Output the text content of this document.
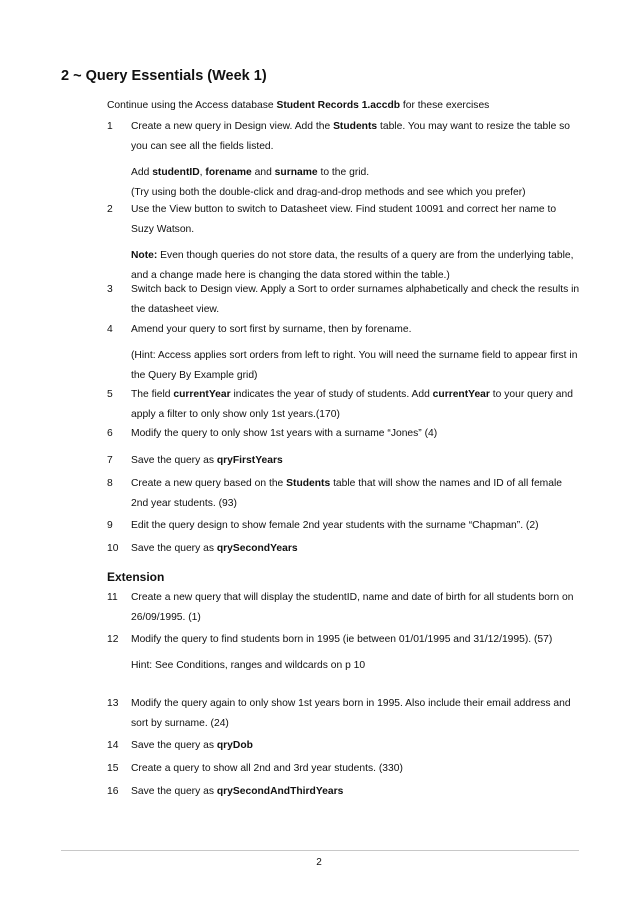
2 ~ Query Essentials (Week 1)
Continue using the Access database Student Records 1.accdb for these exercises
1	Create a new query in Design view. Add the Students table. You may want to resize the table so you can see all the fields listed.

Add studentID, forename and surname to the grid.
(Try using both the double-click and drag-and-drop methods and see which you prefer)

2	Use the View button to switch to Datasheet view. Find student 10091 and correct her name to Suzy Watson.

Note: Even though queries do not store data, the results of a query are from the underlying table, and a change made here is changing the data stored within the table.)

3	Switch back to Design view. Apply a Sort to order surnames alphabetically and check the results in the datasheet view.

4	Amend your query to sort first by surname, then by forename.

(Hint: Access applies sort orders from left to right. You will need the surname field to appear first in the Query By Example grid)

5	The field currentYear indicates the year of study of students. Add currentYear to your query and apply a filter to only show only 1st years.(170)

6	Modify the query to only show 1st years with a surname “Jones” (4)

7	Save the query as qryFirstYears

8	Create a new query based on the Students table that will show the names and ID of all female 2nd year students. (93)

9	Edit the query design to show female 2nd year students with the surname “Chapman”. (2)

10	Save the query as qrySecondYears

11	Create a new query that will display the studentID, name and date of birth for all students born on 26/09/1995. (1)

12	Modify the query to find students born in 1995 (ie between 01/01/1995 and 31/12/1995). (57)

Hint: See Conditions, ranges and wildcards on p 10

13	Modify the query again to only show 1st years born in 1995. Also include their email address and sort by surname. (24)

14	Save the query as qryDob

15	Create a query to show all 2nd and 3rd year students. (330)

16	Save the query as qrySecondAndThirdYears

Extension
2
